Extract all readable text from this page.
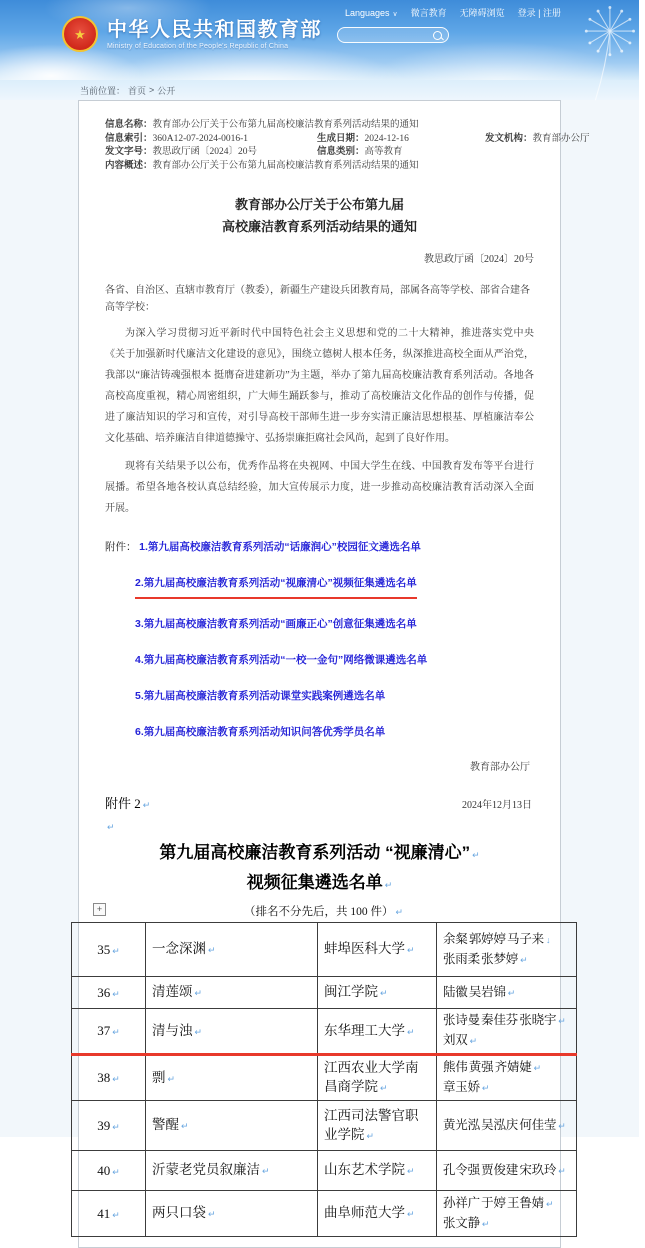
Languages ∨ 微言教育 无障碍浏览 登录 | 注册
★
中华人民共和国教育部
Ministry of Education of the People's Republic of China
当前位置： 首页 > 公开
信息名称： 教育部办公厅关于公布第九届高校廉洁教育系列活动结果的通知
信息索引： 360A12-07-2024-0016-1	生成日期： 2024-12-16	发文机构： 教育部办公厅
发文字号： 教思政厅函〔2024〕20号	信息类别： 高等教育
内容概述： 教育部办公厅关于公布第九届高校廉洁教育系列活动结果的通知
教育部办公厅关于公布第九届
高校廉洁教育系列活动结果的通知
教思政厅函〔2024〕20号
各省、自治区、直辖市教育厅（教委），新疆生产建设兵团教育局，部属各高等学校、部省合建各高等学校：
为深入学习贯彻习近平新时代中国特色社会主义思想和党的二十大精神，推进落实党中央《关于加强新时代廉洁文化建设的意见》，围绕立德树人根本任务，纵深推进高校全面从严治党，我部以“廉洁铸魂强根本 挺膺奋进建新功”为主题，举办了第九届高校廉洁教育系列活动。各地各高校高度重视，精心周密组织，广大师生踊跃参与，推动了高校廉洁文化作品的创作与传播，促进了廉洁知识的学习和宣传，对引导高校干部师生进一步夯实清正廉洁思想根基、厚植廉洁奉公文化基础、培养廉洁自律道德操守、弘扬崇廉拒腐社会风尚，起到了良好作用。
现将有关结果予以公布，优秀作品将在央视网、中国大学生在线、中国教育发布等平台进行展播。希望各地各校认真总结经验，加大宣传展示力度，进一步推动高校廉洁教育活动深入全面开展。
附件： 1.第九届高校廉洁教育系列活动“话廉润心”校园征文遴选名单
2.第九届高校廉洁教育系列活动“视廉清心”视频征集遴选名单
3.第九届高校廉洁教育系列活动“画廉正心”创意征集遴选名单
4.第九届高校廉洁教育系列活动“一校一金句”网络微课遴选名单
5.第九届高校廉洁教育系列活动课堂实践案例遴选名单
6.第九届高校廉洁教育系列活动知识问答优秀学员名单
教育部办公厅
附件 2 ↵	2024年12月13日
↵
第九届高校廉洁教育系列活动 “视廉清心” ↵
视频征集遴选名单 ↵
（排名不分先后，共 100 件） ↵
+
35 ↵	一念深渊 ↵	蚌埠医科大学 ↵	余粲 郭婷婷 马子来 ↓
张雨柔 张梦婷 ↵

36 ↵	清莲颂 ↵	闽江学院 ↵	陆徽 吴岩锦 ↵

37 ↵	清与浊 ↵	东华理工大学 ↵	张诗曼 秦佳芬 张晓宇 ↵
刘双 ↵

38 ↵	剽 ↵	江西农业大学南昌商学院 ↵	熊伟 黄强 齐婧婕 ↵
章玉娇 ↵

39 ↵	警醒 ↵	江西司法警官职业学院 ↵	黄光泓 吴泓庆 何佳莹 ↵

40 ↵	沂蒙老党员叙廉洁 ↵	山东艺术学院 ↵	孔令强 贾俊建 宋玖玲 ↵

41 ↵	两只口袋 ↵	曲阜师范大学 ↵	孙祥广 于婷 王鲁婧 ↵
张文静 ↵
